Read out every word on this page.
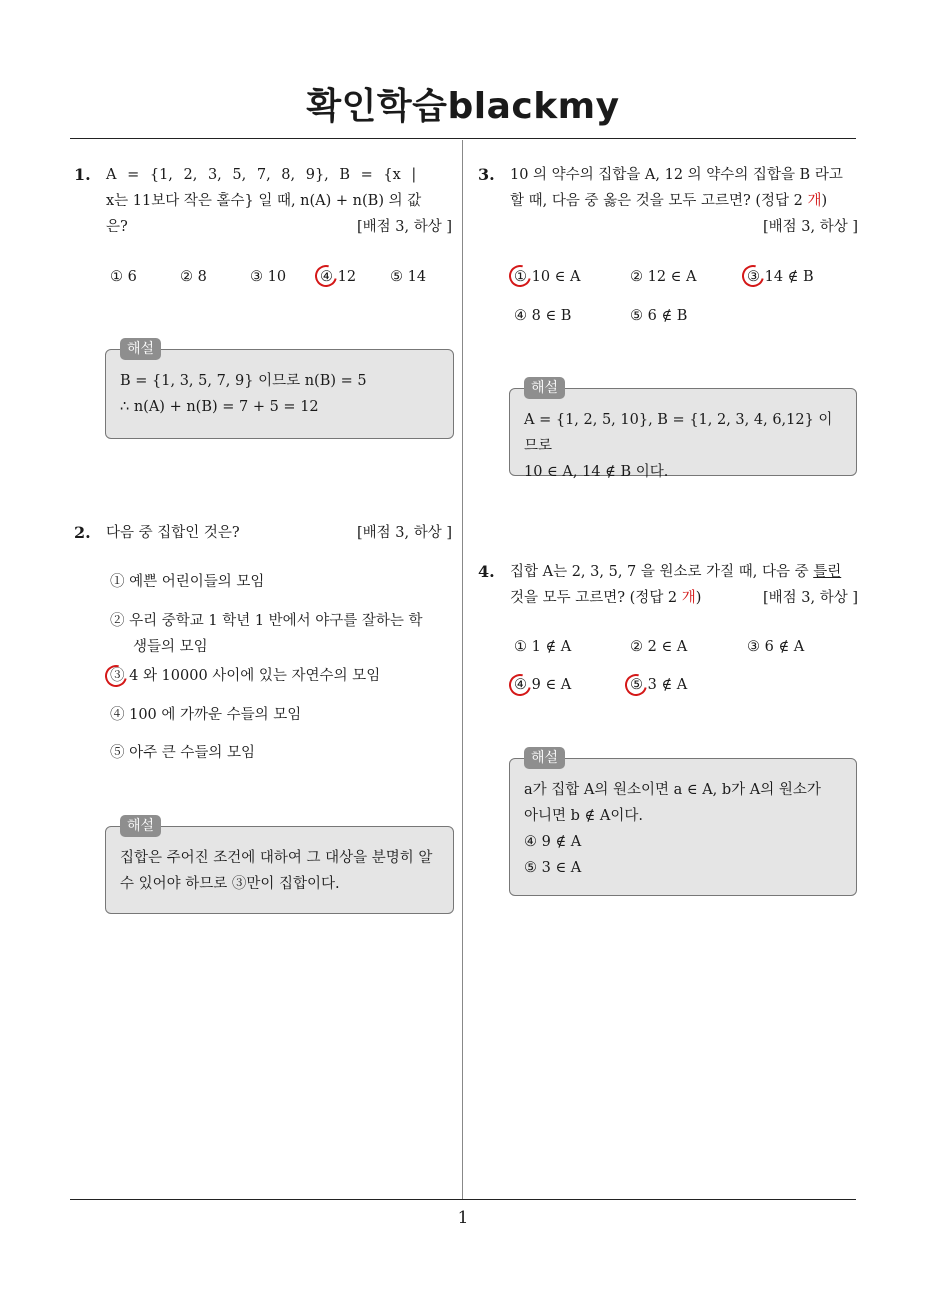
확인학습blackmy
1. A = {1, 2, 3, 5, 7, 8, 9}, B = {x |
x는 11보다 작은 홀수} 일 때, n(A) + n(B) 의 값
은?	[배점 3, 하상 ]
① 6	② 8	③ 10 ④ 12 ⑤ 14
해설
B = {1, 3, 5, 7, 9} 이므로 n(B) = 5
∴ n(A) + n(B) = 7 + 5 = 12
2. 다음 중 집합인 것은?	[배점 3, 하상 ]
① 예쁜 어린이들의 모임
② 우리 중학교 1 학년 1 반에서 야구를 잘하는 학
생들의 모임
③ 4 와 10000 사이에 있는 자연수의 모임
④ 100 에 가까운 수들의 모임
⑤ 아주 큰 수들의 모임
해설
집합은 주어진 조건에 대하여 그 대상을 분명히 알
수 있어야 하므로 ③만이 집합이다.
3. 10 의 약수의 집합을 A, 12 의 약수의 집합을 B 라고
할 때, 다음 중 옳은 것을 모두 고르면? (정답 2 개)
[배점 3, 하상 ]
① 10 ∈ A	② 12 ∈ A	③ 14 ∉ B
④ 8 ∈ B	⑤ 6 ∉ B
해설
A = {1, 2, 5, 10}, B = {1, 2, 3, 4, 6,12} 이므로
10 ∈ A, 14 ∉ B 이다.
4. 집합 A는 2, 3, 5, 7 을 원소로 가질 때, 다음 중 틀린
것을 모두 고르면? (정답 2 개)	[배점 3, 하상 ]
① 1 ∉ A	② 2 ∈ A	③ 6 ∉ A
④ 9 ∈ A	⑤ 3 ∉ A
해설
a가 집합 A의 원소이면 a ∈ A, b가 A의 원소가
아니면 b ∉ A이다.
④ 9 ∉ A
⑤ 3 ∈ A
1
